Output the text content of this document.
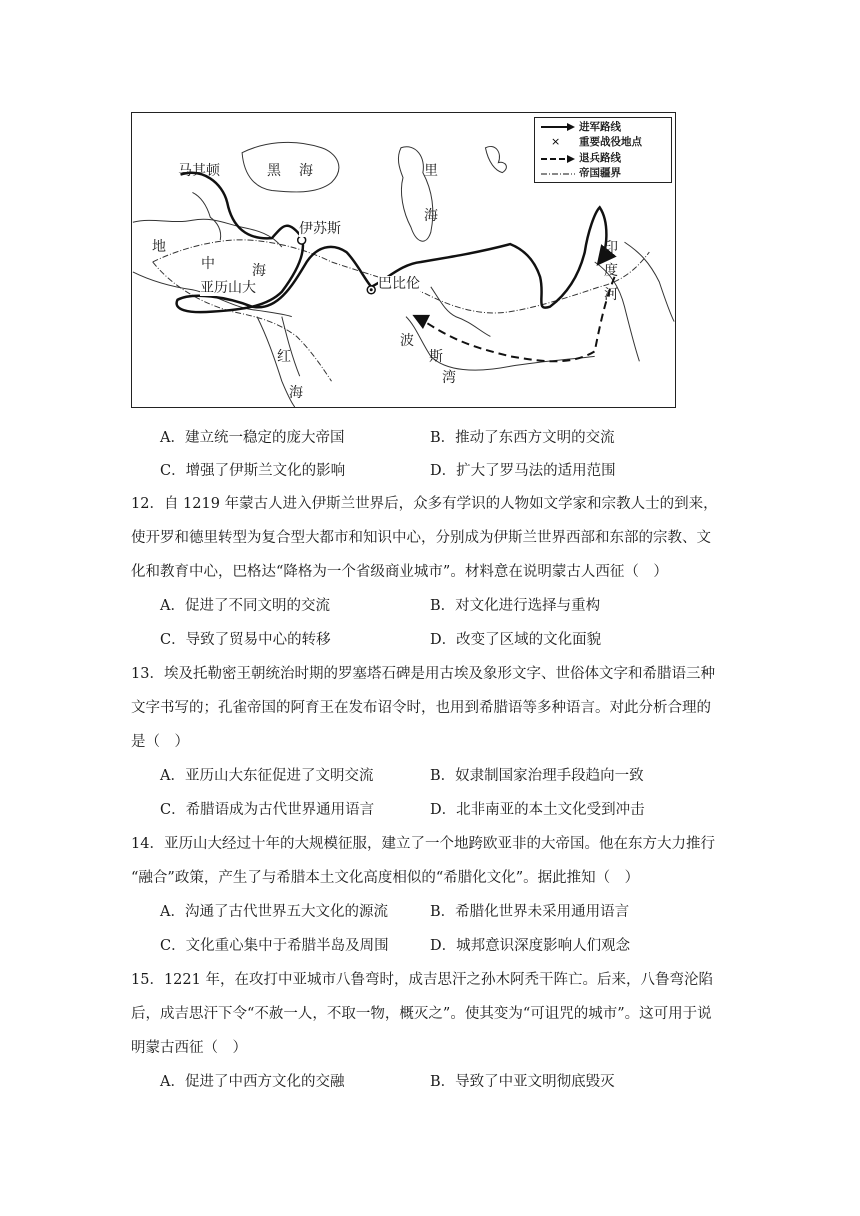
×
进军路线
重要战役地点
退兵路线
帝国疆界
马其顿	黑 海	里
海
伊苏斯
地
中	海
亚历山大	巴比伦
印
度
河
红
海
波
斯
湾
A．建立统一稳定的庞大帝国	B．推动了东西方文明的交流
C．增强了伊斯兰文化的影响	D．扩大了罗马法的适用范围
12．自 1219 年蒙古人进入伊斯兰世界后，众多有学识的人物如文学家和宗教人士的到来，
使开罗和德里转型为复合型大都市和知识中心，分别成为伊斯兰世界西部和东部的宗教、文
化和教育中心，巴格达“降格为一个省级商业城市”。材料意在说明蒙古人西征（　）
A．促进了不同文明的交流	B．对文化进行选择与重构
C．导致了贸易中心的转移	D．改变了区域的文化面貌
13．埃及托勒密王朝统治时期的罗塞塔石碑是用古埃及象形文字、世俗体文字和希腊语三种
文字书写的；孔雀帝国的阿育王在发布诏令时，也用到希腊语等多种语言。对此分析合理的
是（　）
A．亚历山大东征促进了文明交流	B．奴隶制国家治理手段趋向一致
C．希腊语成为古代世界通用语言	D．北非南亚的本土文化受到冲击
14．亚历山大经过十年的大规模征服，建立了一个地跨欧亚非的大帝国。他在东方大力推行
“融合”政策，产生了与希腊本土文化高度相似的“希腊化文化”。据此推知（　）
A．沟通了古代世界五大文化的源流	B．希腊化世界未采用通用语言
C．文化重心集中于希腊半岛及周围	D．城邦意识深度影响人们观念
15．1221 年，在攻打中亚城市八鲁弯时，成吉思汗之孙木阿秃干阵亡。后来，八鲁弯沦陷
后，成吉思汗下令“不赦一人，不取一物，概灭之”。使其变为“可诅咒的城市”。这可用于说
明蒙古西征（　）
A．促进了中西方文化的交融	B．导致了中亚文明彻底毁灭
